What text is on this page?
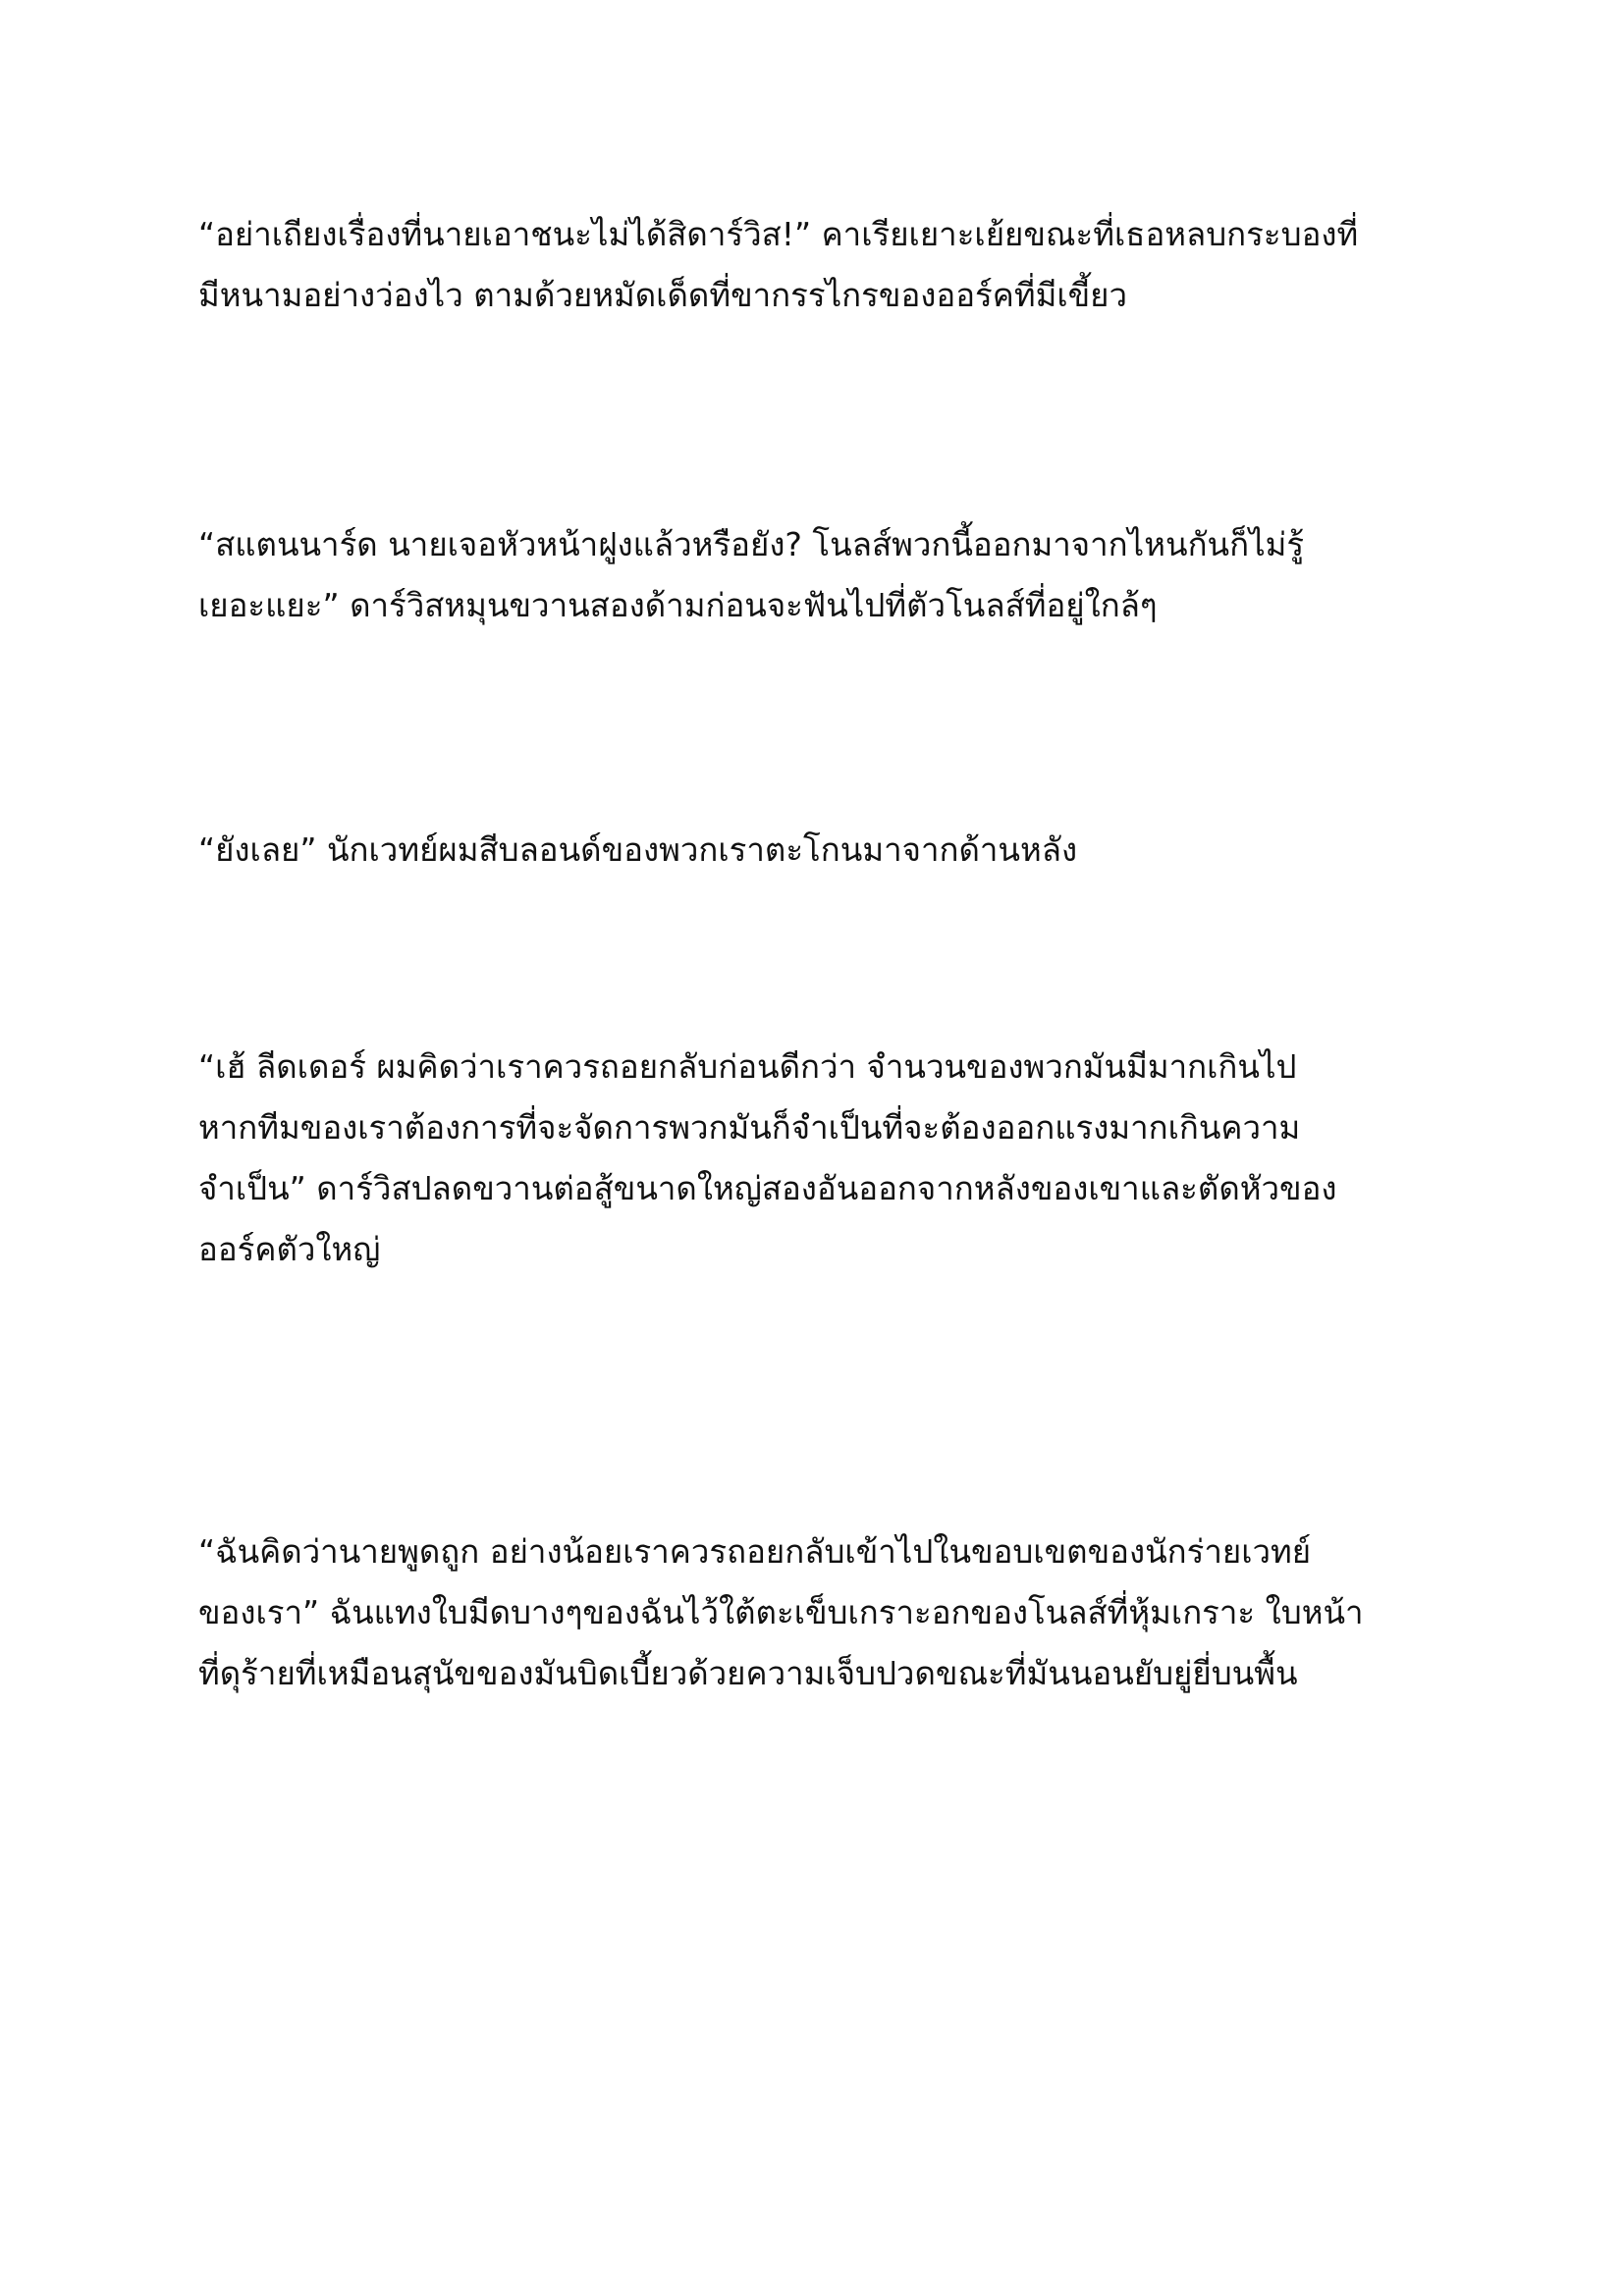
“อย่าเถียงเรื่องที่นายเอาชนะไม่ได้สิดาร์วิส!” คาเรียเยาะเย้ยขณะที่เธอหลบกระบองที่
มีหนามอย่างว่องไว ตามด้วยหมัดเด็ดที่ขากรรไกรของออร์คที่มีเขี้ยว

“สแตนนาร์ด นายเจอหัวหน้าฝูงแล้วหรือยัง? โนลส์พวกนี้ออกมาจากไหนกันก็ไม่รู้
เยอะแยะ” ดาร์วิสหมุนขวานสองด้ามก่อนจะฟันไปที่ตัวโนลส์ที่อยู่ใกล้ๆ

“ยังเลย” นักเวทย์ผมสีบลอนด์ของพวกเราตะโกนมาจากด้านหลัง

“เฮ้ ลีดเดอร์ ผมคิดว่าเราควรถอยกลับก่อนดีกว่า จำนวนของพวกมันมีมากเกินไป
หากทีมของเราต้องการที่จะจัดการพวกมันก็จำเป็นที่จะต้องออกแรงมากเกินความ
จำเป็น” ดาร์วิสปลดขวานต่อสู้ขนาดใหญ่สองอันออกจากหลังของเขาและตัดหัวของ
ออร์คตัวใหญ่

“ฉันคิดว่านายพูดถูก อย่างน้อยเราควรถอยกลับเข้าไปในขอบเขตของนักร่ายเวทย์
ของเรา” ฉันแทงใบมีดบางๆของฉันไว้ใต้ตะเข็บเกราะอกของโนลส์ที่หุ้มเกราะ ใบหน้า
ที่ดุร้ายที่เหมือนสุนัขของมันบิดเบี้ยวด้วยความเจ็บปวดขณะที่มันนอนยับยู่ยี่บนพื้น
